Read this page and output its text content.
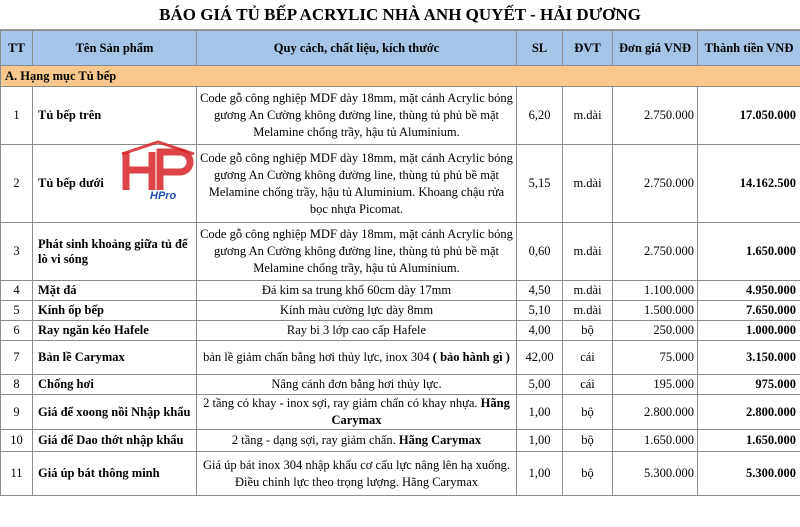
BÁO GIÁ TỦ BẾP ACRYLIC NHÀ ANH QUYẾT - HẢI DƯƠNG
TT	Tên Sản phẩm	Quy cách, chất liệu, kích thước	SL	ĐVT	Đơn giá VNĐ	Thành tiền VNĐ
A. Hạng mục Tủ bếp						
1	Tủ bếp trên	Code gỗ công nghiệp MDF dày 18mm, mặt cánh Acrylic bóng gương An Cường không đường line, thùng tủ phủ bề mặt Melamine chống trầy, hậu tủ Aluminium.	6,20	m.dài	2.750.000	17.050.000
2	Tủ bếp dưới	Code gỗ công nghiệp MDF dày 18mm, mặt cánh Acrylic bóng gương An Cường không đường line, thùng tủ phủ bề mặt Melamine chống trầy, hậu tủ Aluminium. Khoang chậu rửa bọc nhựa Picomat.	5,15	m.dài	2.750.000	14.162.500
3	Phát sinh khoảng giữa tủ để lò vi sóng	Code gỗ công nghiệp MDF dày 18mm, mặt cánh Acrylic bóng gương An Cường không đường line, thùng tủ phủ bề mặt Melamine chống trầy, hậu tủ Aluminium.	0,60	m.dài	2.750.000	1.650.000
4	Mặt đá	Đá kim sa trung khổ 60cm dày 17mm	4,50	m.dài	1.100.000	4.950.000
5	Kính ốp bếp	Kính màu cường lực dày 8mm	5,10	m.dài	1.500.000	7.650.000
6	Ray ngăn kéo Hafele	Ray bi 3 lớp cao cấp Hafele	4,00	bộ	250.000	1.000.000
7	Bản lề Carymax	bản lề giảm chấn bằng hơi thủy lực, inox 304 ( bảo hành gì )	42,00	cái	75.000	3.150.000
8	Chống hơi	Nâng cánh đơn bằng hơi thủy lực.	5,00	cái	195.000	975.000
9	Giá để xoong nồi Nhập khẩu	2 tầng có khay - inox sợi, ray giảm chấn có khay nhựa. Hãng Carymax	1,00	bộ	2.800.000	2.800.000
10	Giá để Dao thớt nhập khẩu	2 tầng - dạng sợi, ray giảm chấn. Hãng Carymax	1,00	bộ	1.650.000	1.650.000
11	Giá úp bát thông minh	Giá úp bát inox 304 nhập khẩu cơ cấu lực nâng lên hạ xuống. Điều chỉnh lực theo trọng lượng. Hãng Carymax	1,00	bộ	5.300.000	5.300.000
HPro
